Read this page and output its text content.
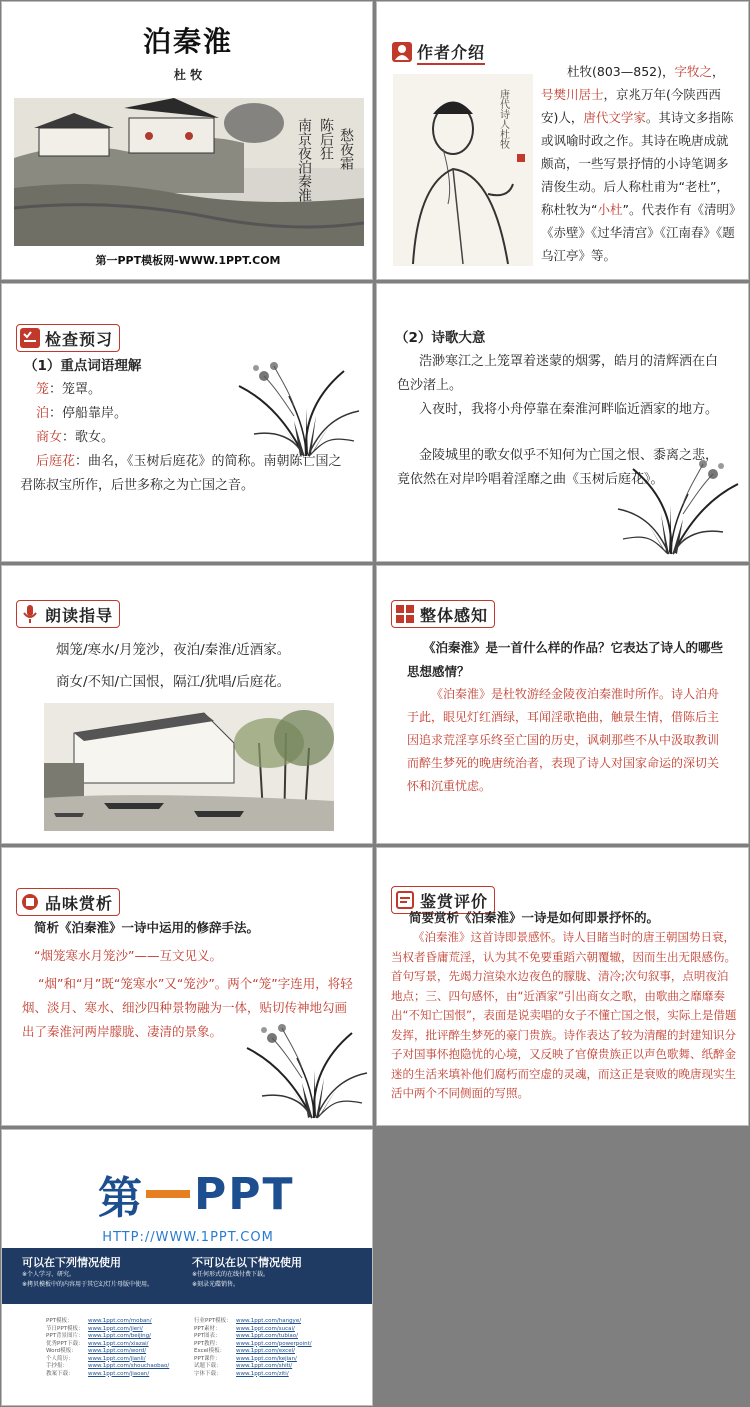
泊秦淮
杜 牧
南京夜泊秦淮 陈后狂 愁夜霜
第一PPT模板网-WWW.1PPT.COM
作者介绍
唐代诗人杜牧
杜牧(803—852)，字牧之，号樊川居士，京兆万年(今陕西西安)人，唐代文学家。其诗文多指陈或讽喻时政之作。其诗在晚唐成就颇高，一些写景抒情的小诗笔调多清俊生动。后人称杜甫为“老杜”，称杜牧为“小杜”。代表作有《清明》《赤壁》《过华清宫》《江南春》《题乌江亭》等。
检查预习
（1）重点词语理解
笼：笼罩。
泊：停船靠岸。
商女：歌女。
后庭花：曲名，《玉树后庭花》的简称。南朝陈亡国之君陈叔宝所作，后世多称之为亡国之音。
（2）诗歌大意
浩渺寒江之上笼罩着迷蒙的烟雾，皓月的清辉洒在白色沙渚上。
入夜时，我将小舟停靠在秦淮河畔临近酒家的地方。
金陵城里的歌女似乎不知何为亡国之恨、黍离之悲，竟依然在对岸吟唱着淫靡之曲《玉树后庭花》。
朗读指导
烟笼/寒水/月笼沙，夜泊/秦淮/近酒家。
商女/不知/亡国恨，隔江/犹唱/后庭花。
整体感知
《泊秦淮》是一首什么样的作品？它表达了诗人的哪些思想感情？
《泊秦淮》是杜牧游经金陵夜泊秦淮时所作。诗人泊舟于此，眼见灯红酒绿，耳闻淫歌艳曲，触景生情，借陈后主因追求荒淫享乐终至亡国的历史，讽刺那些不从中汲取教训而醉生梦死的晚唐统治者，表现了诗人对国家命运的深切关怀和沉重忧虑。
品味赏析
简析《泊秦淮》一诗中运用的修辞手法。
“烟笼寒水月笼沙”——互文见义。
“烟”和“月”既“笼寒水”又“笼沙”。两个“笼”字连用，将轻烟、淡月、寒水、细沙四种景物融为一体，贴切传神地勾画出了秦淮河两岸朦胧、凄清的景象。
鉴赏评价
简要赏析《泊秦淮》一诗是如何即景抒怀的。
《泊秦淮》这首诗即景感怀。诗人目睹当时的唐王朝国势日衰，当权者昏庸荒淫，认为其不免要重蹈六朝覆辙，因而生出无限感伤。首句写景，先竭力渲染水边夜色的朦胧、清冷;次句叙事，点明夜泊地点；三、四句感怀，由“近酒家”引出商女之歌，由歌曲之靡靡奏出“不知亡国恨”，表面是说卖唱的女子不懂亡国之恨，实际上是借题发挥，批评醉生梦死的豪门贵族。诗作表达了较为清醒的封建知识分子对国事怀抱隐忧的心境，又反映了官僚贵族正以声色歌舞、纸醉金迷的生活来填补他们腐朽而空虚的灵魂，而这正是衰败的晚唐现实生活中两个不同侧面的写照。
第 PPT
HTTP://WWW.1PPT.COM
可以在下列情况使用
※个人学习、研究。
※拷贝模板中的内容用于其它幻灯片母版中使用。
不可以在以下情况使用
※任何形式的在线付费下载。
※刻录光碟销售。
PPT模板：	www.1ppt.com/moban/
节日PPT模板： www.1ppt.com/jieri/
PPT背景图片： www.1ppt.com/beijing/
优秀PPT下载： www.1ppt.com/xiazai/
Word模板： www.1ppt.com/word/
个人简历：	www.1ppt.com/jianli/
手抄报：	www.1ppt.com/shouchaobao/
教案下载：	www.1ppt.com/jiaoan/
行业PPT模板： www.1ppt.com/hangye/
PPT素材：	www.1ppt.com/sucai/
PPT图表：	www.1ppt.com/tubiao/
PPT教程：	www.1ppt.com/powerpoint/
Excel模板： www.1ppt.com/excel/
PPT课件：	www.1ppt.com/kejian/
试题下载：	www.1ppt.com/shiti/
字体下载：	www.1ppt.com/ziti/
